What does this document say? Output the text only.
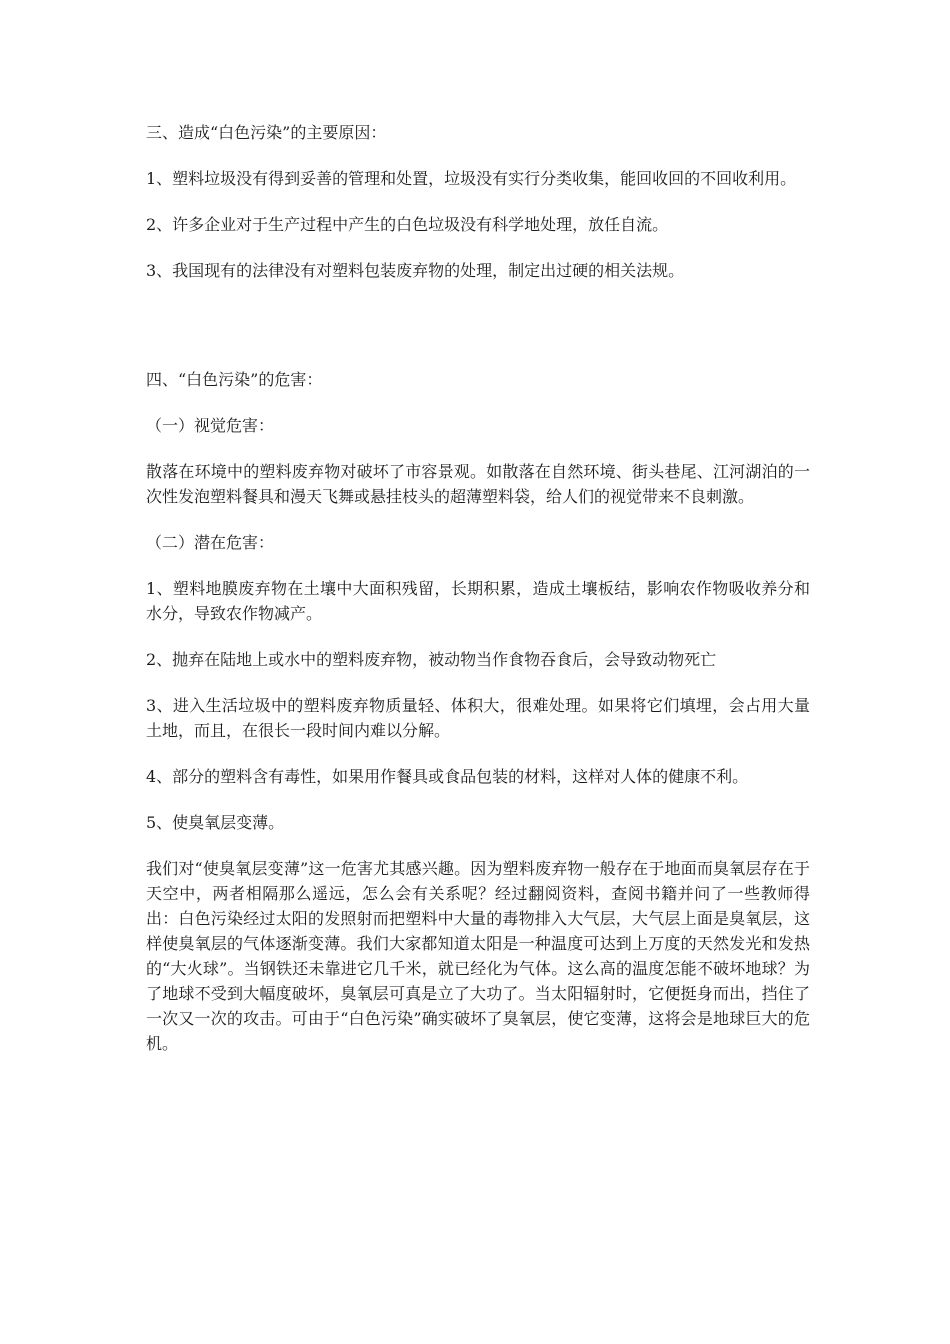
三、造成“白色污染”的主要原因：

1、塑料垃圾没有得到妥善的管理和处置，垃圾没有实行分类收集，能回收回的不回收利用。

2、许多企业对于生产过程中产生的白色垃圾没有科学地处理，放任自流。

3、我国现有的法律没有对塑料包装废弃物的处理，制定出过硬的相关法规。

四、“白色污染”的危害：

（一）视觉危害：

散落在环境中的塑料废弃物对破坏了市容景观。如散落在自然环境、街头巷尾、江河湖泊的一次性发泡塑料餐具和漫天飞舞或悬挂枝头的超薄塑料袋，给人们的视觉带来不良刺激。

（二）潜在危害：

1、塑料地膜废弃物在土壤中大面积残留，长期积累，造成土壤板结，影响农作物吸收养分和水分，导致农作物减产。

2、抛弃在陆地上或水中的塑料废弃物，被动物当作食物吞食后，会导致动物死亡

3、进入生活垃圾中的塑料废弃物质量轻、体积大，很难处理。如果将它们填埋，会占用大量土地，而且，在很长一段时间内难以分解。

4、部分的塑料含有毒性，如果用作餐具或食品包装的材料，这样对人体的健康不利。

5、使臭氧层变薄。

我们对“使臭氧层变薄”这一危害尤其感兴趣。因为塑料废弃物一般存在于地面而臭氧层存在于天空中，两者相隔那么遥远，怎么会有关系呢？经过翻阅资料，查阅书籍并问了一些教师得出：白色污染经过太阳的发照射而把塑料中大量的毒物排入大气层，大气层上面是臭氧层，这样使臭氧层的气体逐渐变薄。我们大家都知道太阳是一种温度可达到上万度的天然发光和发热的“大火球”。当钢铁还未靠进它几千米，就已经化为气体。这么高的温度怎能不破坏地球？为了地球不受到大幅度破坏，臭氧层可真是立了大功了。当太阳辐射时，它便挺身而出，挡住了一次又一次的攻击。可由于“白色污染”确实破坏了臭氧层，使它变薄，这将会是地球巨大的危机。
